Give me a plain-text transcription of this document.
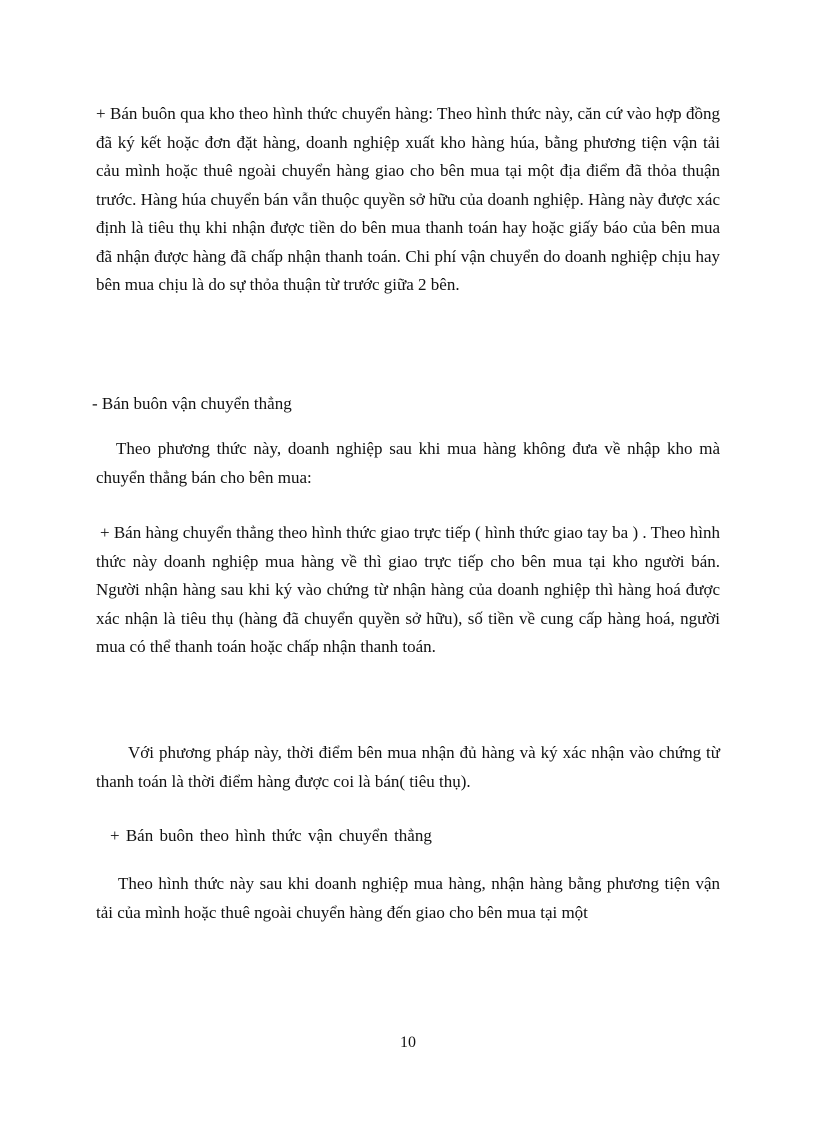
+ Bán buôn qua kho theo hình thức chuyển hàng: Theo hình thức này, căn cứ vào hợp đồng đã ký kết hoặc đơn đặt hàng, doanh nghiệp xuất kho hàng húa, bằng phương tiện vận tải cảu mình hoặc thuê ngoài chuyển hàng giao cho bên mua tại một địa điểm đã thỏa thuận trước. Hàng húa chuyển bán vẫn thuộc quyền sở hữu của doanh nghiệp. Hàng này được xác định là tiêu thụ khi nhận được tiền do bên mua thanh toán hay hoặc giấy báo của bên mua đã nhận được hàng đã chấp nhận thanh toán. Chi phí vận chuyển do doanh nghiệp chịu hay bên mua chịu là do sự thỏa thuận từ trước giữa 2 bên.

- Bán buôn vận chuyển thẳng

Theo phương thức này, doanh nghiệp sau khi mua hàng không đưa về nhập kho mà chuyển thẳng bán cho bên mua:

+ Bán hàng chuyển thẳng theo hình thức giao trực tiếp ( hình thức giao tay ba ) . Theo hình thức này doanh nghiệp mua hàng về thì giao trực tiếp cho bên mua tại kho người bán. Người nhận hàng sau khi ký vào chứng từ nhận hàng của doanh nghiệp thì hàng hoá được xác nhận là tiêu thụ (hàng đã chuyển quyền sở hữu), số tiền về cung cấp hàng hoá, người mua có thể thanh toán hoặc chấp nhận thanh toán.

Với phương pháp này, thời điểm bên mua nhận đủ hàng và ký xác nhận vào chứng từ thanh toán là thời điểm hàng được coi là bán( tiêu thụ).

+ Bán buôn theo hình thức vận chuyển thẳng

Theo hình thức này sau khi doanh nghiệp mua hàng, nhận hàng bằng phương tiện vận tải của mình hoặc thuê ngoài chuyển hàng đến giao cho bên mua tại một

10
